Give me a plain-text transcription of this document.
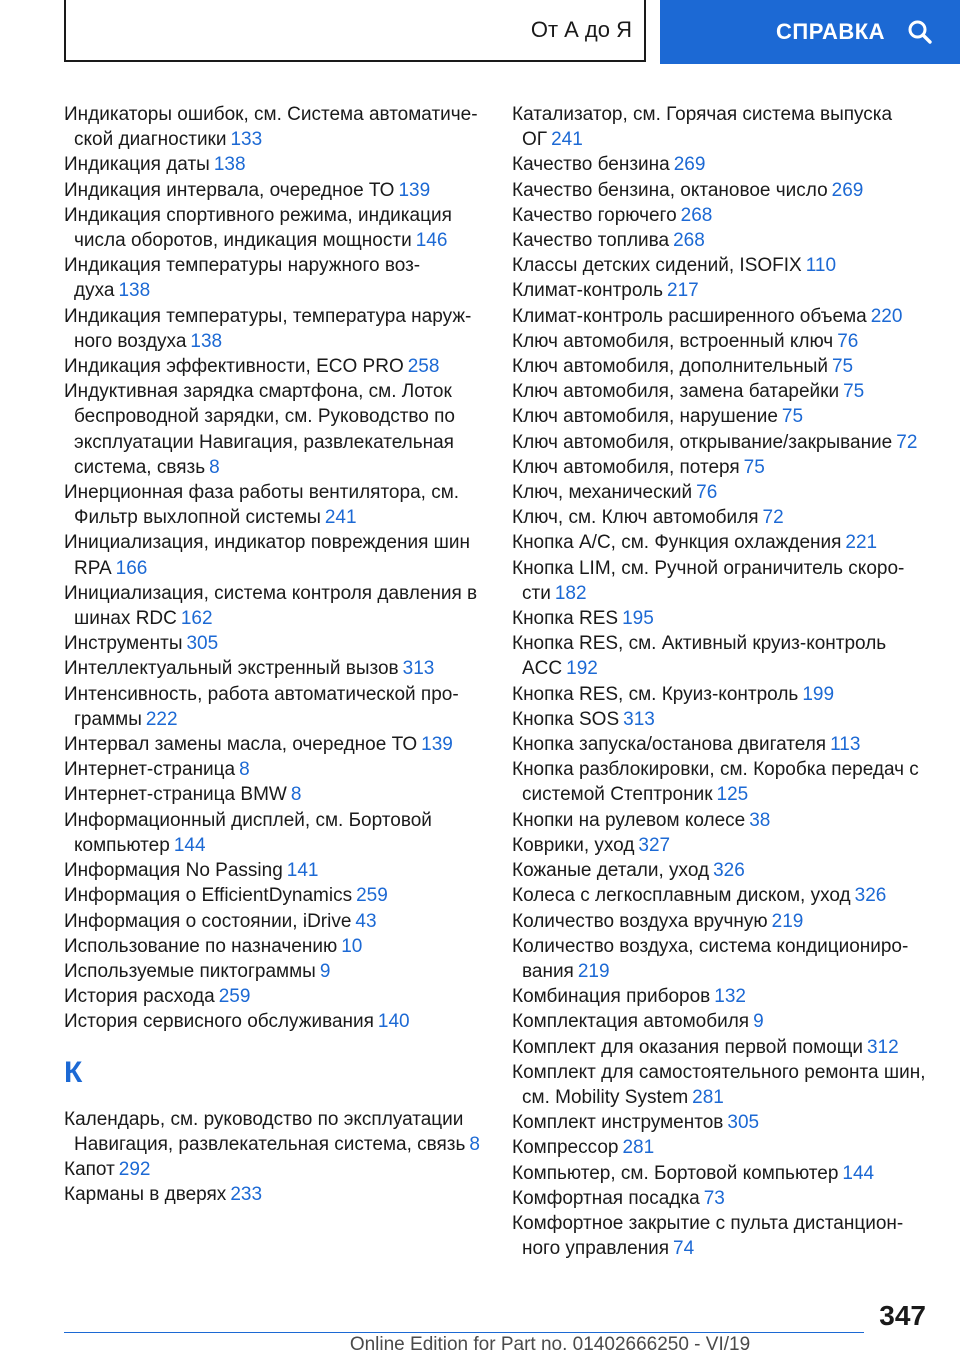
От А до Я	СПРАВКА
Индикаторы ошибок, см. Система автоматиче-ской диагностики 133
Индикация даты 138
Индикация интервала, очередное ТО 139
Индикация спортивного режима, индикация числа оборотов, индикация мощности 146
Индикация температуры наружного воз-духа 138
Индикация температуры, температура наруж-ного воздуха 138
Индикация эффективности, ECO PRO 258
Индуктивная зарядка смартфона, см. Лоток беспроводной зарядки, см. Руководство по эксплуатации Навигация, развлекательная система, связь 8
Инерционная фаза работы вентилятора, см. Фильтр выхлопной системы 241
Инициализация, индикатор повреждения шин RPA 166
Инициализация, система контроля давления в шинах RDC 162
Инструменты 305
Интеллектуальный экстренный вызов 313
Интенсивность, работа автоматической про-граммы 222
Интервал замены масла, очередное ТО 139
Интернет-страница 8
Интернет-страница BMW 8
Информационный дисплей, см. Бортовой компьютер 144
Информация No Passing 141
Информация о EfficientDynamics 259
Информация о состоянии, iDrive 43
Использование по назначению 10
Используемые пиктограммы 9
История расхода 259
История сервисного обслуживания 140
К
Календарь, см. руководство по эксплуатации Навигация, развлекательная система, связь 8
Капот 292
Карманы в дверях 233
Катализатор, см. Горячая система выпуска ОГ 241
Качество бензина 269
Качество бензина, октановое число 269
Качество горючего 268
Качество топлива 268
Классы детских сидений, ISOFIX 110
Климат-контроль 217
Климат-контроль расширенного объема 220
Ключ автомобиля, встроенный ключ 76
Ключ автомобиля, дополнительный 75
Ключ автомобиля, замена батарейки 75
Ключ автомобиля, нарушение 75
Ключ автомобиля, открывание/закрывание 72
Ключ автомобиля, потеря 75
Ключ, механический 76
Ключ, см. Ключ автомобиля 72
Кнопка A/C, см. Функция охлаждения 221
Кнопка LIM, см. Ручной ограничитель скоро-сти 182
Кнопка RES 195
Кнопка RES, см. Активный круиз-контроль ACC 192
Кнопка RES, см. Круиз-контроль 199
Кнопка SOS 313
Кнопка запуска/останова двигателя 113
Кнопка разблокировки, см. Коробка передач с системой Стептроник 125
Кнопки на рулевом колесе 38
Коврики, уход 327
Кожаные детали, уход 326
Колеса с легкосплавным диском, уход 326
Количество воздуха вручную 219
Количество воздуха, система кондициониро-вания 219
Комбинация приборов 132
Комплектация автомобиля 9
Комплект для оказания первой помощи 312
Комплект для самостоятельного ремонта шин, см. Mobility System 281
Комплект инструментов 305
Компрессор 281
Компьютер, см. Бортовой компьютер 144
Комфортная посадка 73
Комфортное закрытие с пульта дистанцион-ного управления 74
347
Online Edition for Part no. 01402666250 - VI/19
